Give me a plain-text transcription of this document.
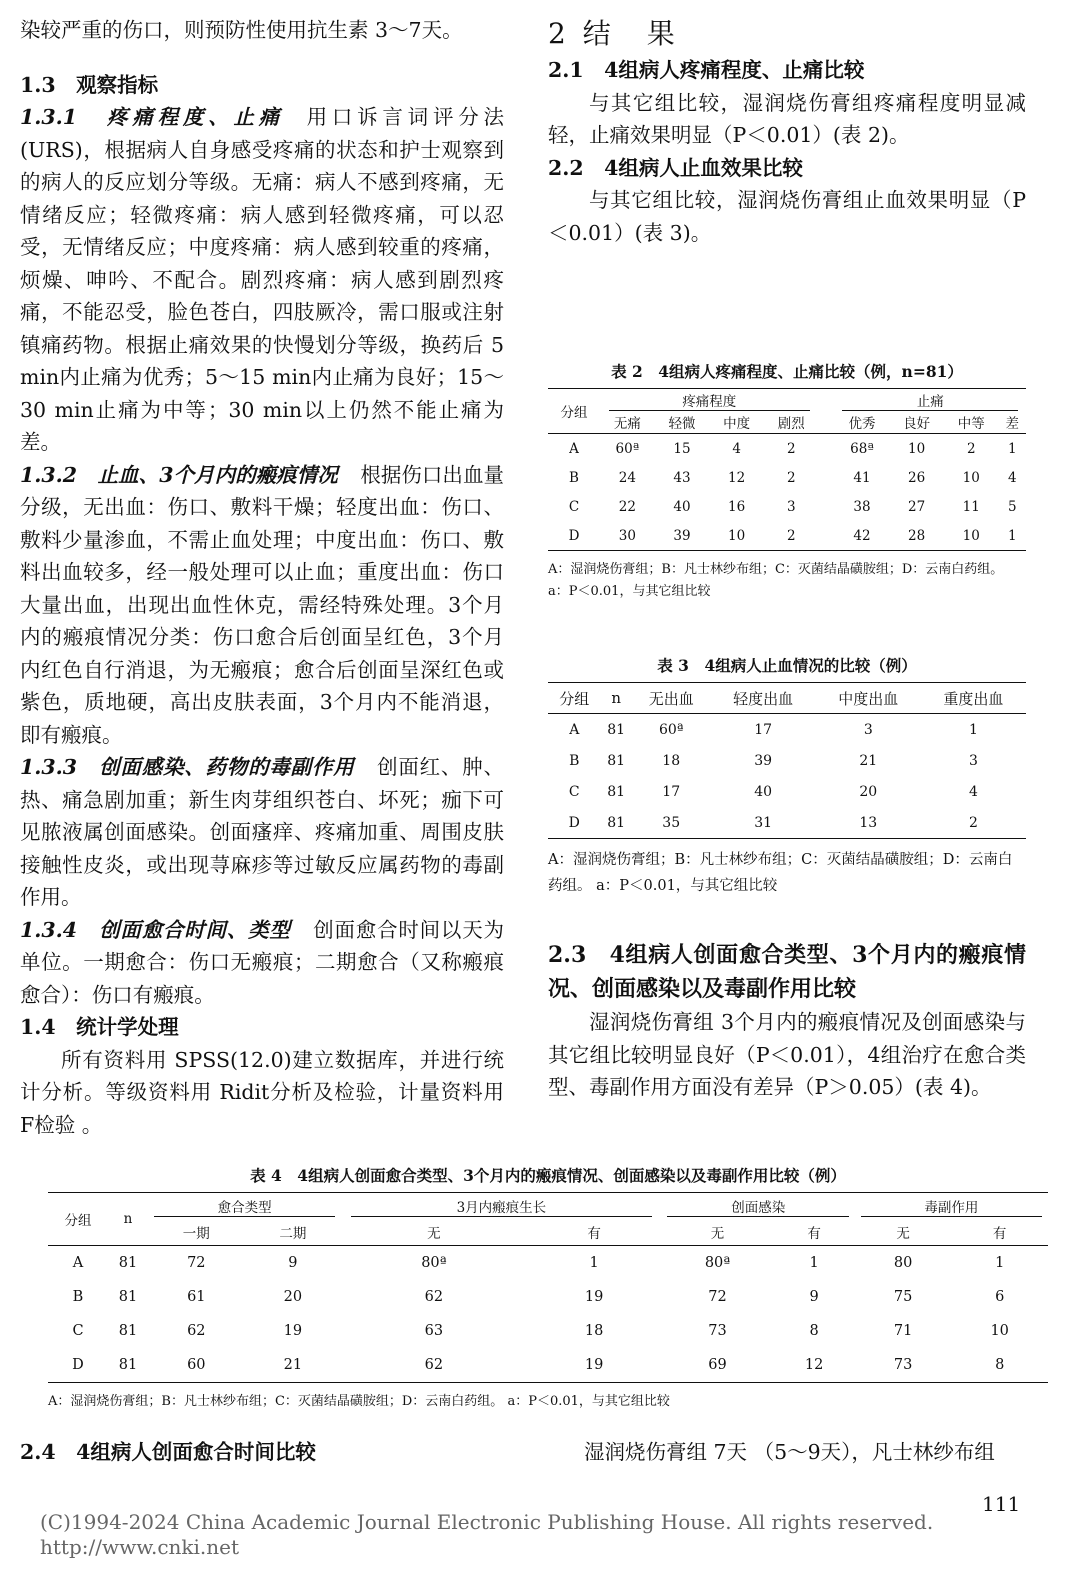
染较严重的伤口，则预防性使用抗生素 3～7天。

1.3　观察指标

1.3.1　疼痛程度、止痛 用口诉言词评分法(URS)，根据病人自身感受疼痛的状态和护士观察到的病人的反应划分等级。无痛：病人不感到疼痛，无情绪反应；轻微疼痛：病人感到轻微疼痛，可以忍受，无情绪反应；中度疼痛：病人感到较重的疼痛，烦燥、呻吟、不配合。剧烈疼痛：病人感到剧烈疼痛，不能忍受，脸色苍白，四肢厥冷，需口服或注射镇痛药物。根据止痛效果的快慢划分等级，换药后 5 min内止痛为优秀；5～15 min内止痛为良好；15～30 min止痛为中等；30 min以上仍然不能止痛为差。

1.3.2　止血、3个月内的瘢痕情况 根据伤口出血量分级，无出血：伤口、敷料干燥；轻度出血：伤口、敷料少量渗血，不需止血处理；中度出血：伤口、敷料出血较多，经一般处理可以止血；重度出血：伤口大量出血，出现出血性休克，需经特殊处理。3个月内的瘢痕情况分类：伤口愈合后创面呈红色，3个月内红色自行消退，为无瘢痕；愈合后创面呈深红色或紫色，质地硬，高出皮肤表面，3个月内不能消退，即有瘢痕。

1.3.3　创面感染、药物的毒副作用 创面红、肿、热、痛急剧加重；新生肉芽组织苍白、坏死；痂下可见脓液属创面感染。创面瘙痒、疼痛加重、周围皮肤接触性皮炎，或出现荨麻疹等过敏反应属药物的毒副作用。

1.3.4　创面愈合时间、类型 创面愈合时间以天为单位。一期愈合：伤口无瘢痕；二期愈合（又称瘢痕愈合）：伤口有瘢痕。

1.4　统计学处理

所有资料用 SPSS(12.0)建立数据库，并进行统计分析。等级资料用 Ridit分析及检验，计量资料用 F检验 。

2 结　果

2.1　4组病人疼痛程度、止痛比较

与其它组比较，湿润烧伤膏组疼痛程度明显减轻，止痛效果明显（P＜0.01）(表 2)。

2.2　4组病人止血效果比较

与其它组比较，湿润烧伤膏组止血效果明显（P＜0.01）(表 3)。

表 2　4组病人疼痛程度、止痛比较（例，n=81）
分组	疼痛程度					止痛			
	无痛	轻微	中度	剧烈		优秀	良好	中等	差
A	60ª	15	4	2		68ª	10	2	1
B	24	43	12	2		41	26	10	4
C	22	40	16	3		38	27	11	5
D	30	39	10	2		42	28	10	1
A：湿润烧伤膏组；B：凡士林纱布组；C：灭菌结晶磺胺组；D：云南白药组。
a：P＜0.01，与其它组比较
表 3　4组病人止血情况的比较（例）
分组	n	无出血	轻度出血	中度出血	重度出血
A	81	60ª	17	3	1
B	81	18	39	21	3
C	81	17	40	20	4
D	81	35	31	13	2
A：湿润烧伤膏组；B：凡士林纱布组；C：灭菌结晶磺胺组；D：云南白药组。 a：P＜0.01，与其它组比较

2.3　4组病人创面愈合类型、3个月内的瘢痕情况、创面感染以及毒副作用比较

湿润烧伤膏组 3个月内的瘢痕情况及创面感染与其它组比较明显良好（P＜0.01），4组治疗在愈合类型、毒副作用方面没有差异（P＞0.05）(表 4)。

表 4　4组病人创面愈合类型、3个月内的瘢痕情况、创面感染以及毒副作用比较（例）
分组	n	愈合类型		3月内瘢痕生长		创面感染		毒副作用	
		一期	二期	无	有	无	有	无	有
A	81	72	9	80ª	1	80ª	1	80	1
B	81	61	20	62	19	72	9	75	6
C	81	62	19	63	18	73	8	71	10
D	81	60	21	62	19	69	12	73	8
A：湿润烧伤膏组；B：凡士林纱布组；C：灭菌结晶磺胺组；D：云南白药组。 a：P＜0.01，与其它组比较
2.4　4组病人创面愈合时间比较	湿润烧伤膏组 7天 （5～9天），凡士林纱布组
111
(C)1994-2024 China Academic Journal Electronic Publishing House. All rights reserved.　　http://www.cnki.net
